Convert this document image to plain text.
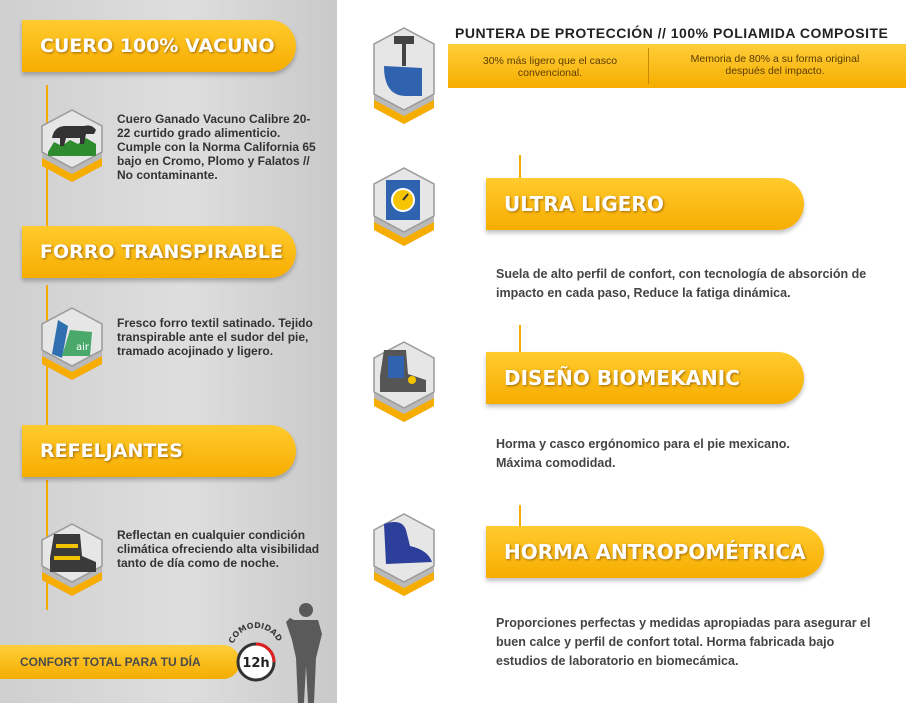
CUERO 100% VACUNO
FORRO TRANSPIRABLE
REFELJANTES
Cuero Ganado Vacuno Calibre 20-22 curtido grado alimenticio. Cumple con la Norma California 65 bajo en Cromo, Plomo y Falatos // No contaminante.
air
Fresco forro textil satinado. Tejido transpirable ante el sudor del pie, tramado acojinado y ligero.
Reflectan en cualquier condición climática ofreciendo alta visibilidad tanto de día como de noche.
CONFORT TOTAL PARA TU DÍA
COMODIDAD
12h
PUNTERA DE PROTECCIÓN // 100% POLIAMIDA COMPOSITE
30% más ligero que el casco convencional.
Memoria de 80% a su forma original después del impacto.
ULTRA LIGERO
Suela de alto perfil de confort, con tecnología de absorción de impacto en cada paso, Reduce la fatiga dinámica.
DISEÑO BIOMEKANIC
Horma y casco ergónomico para el pie mexicano. Máxima comodidad.
HORMA ANTROPOMÉTRICA
Proporciones perfectas y medidas apropiadas para asegurar el buen calce y perfil de confort total. Horma fabricada bajo estudios de laboratorio en biomecámica.
